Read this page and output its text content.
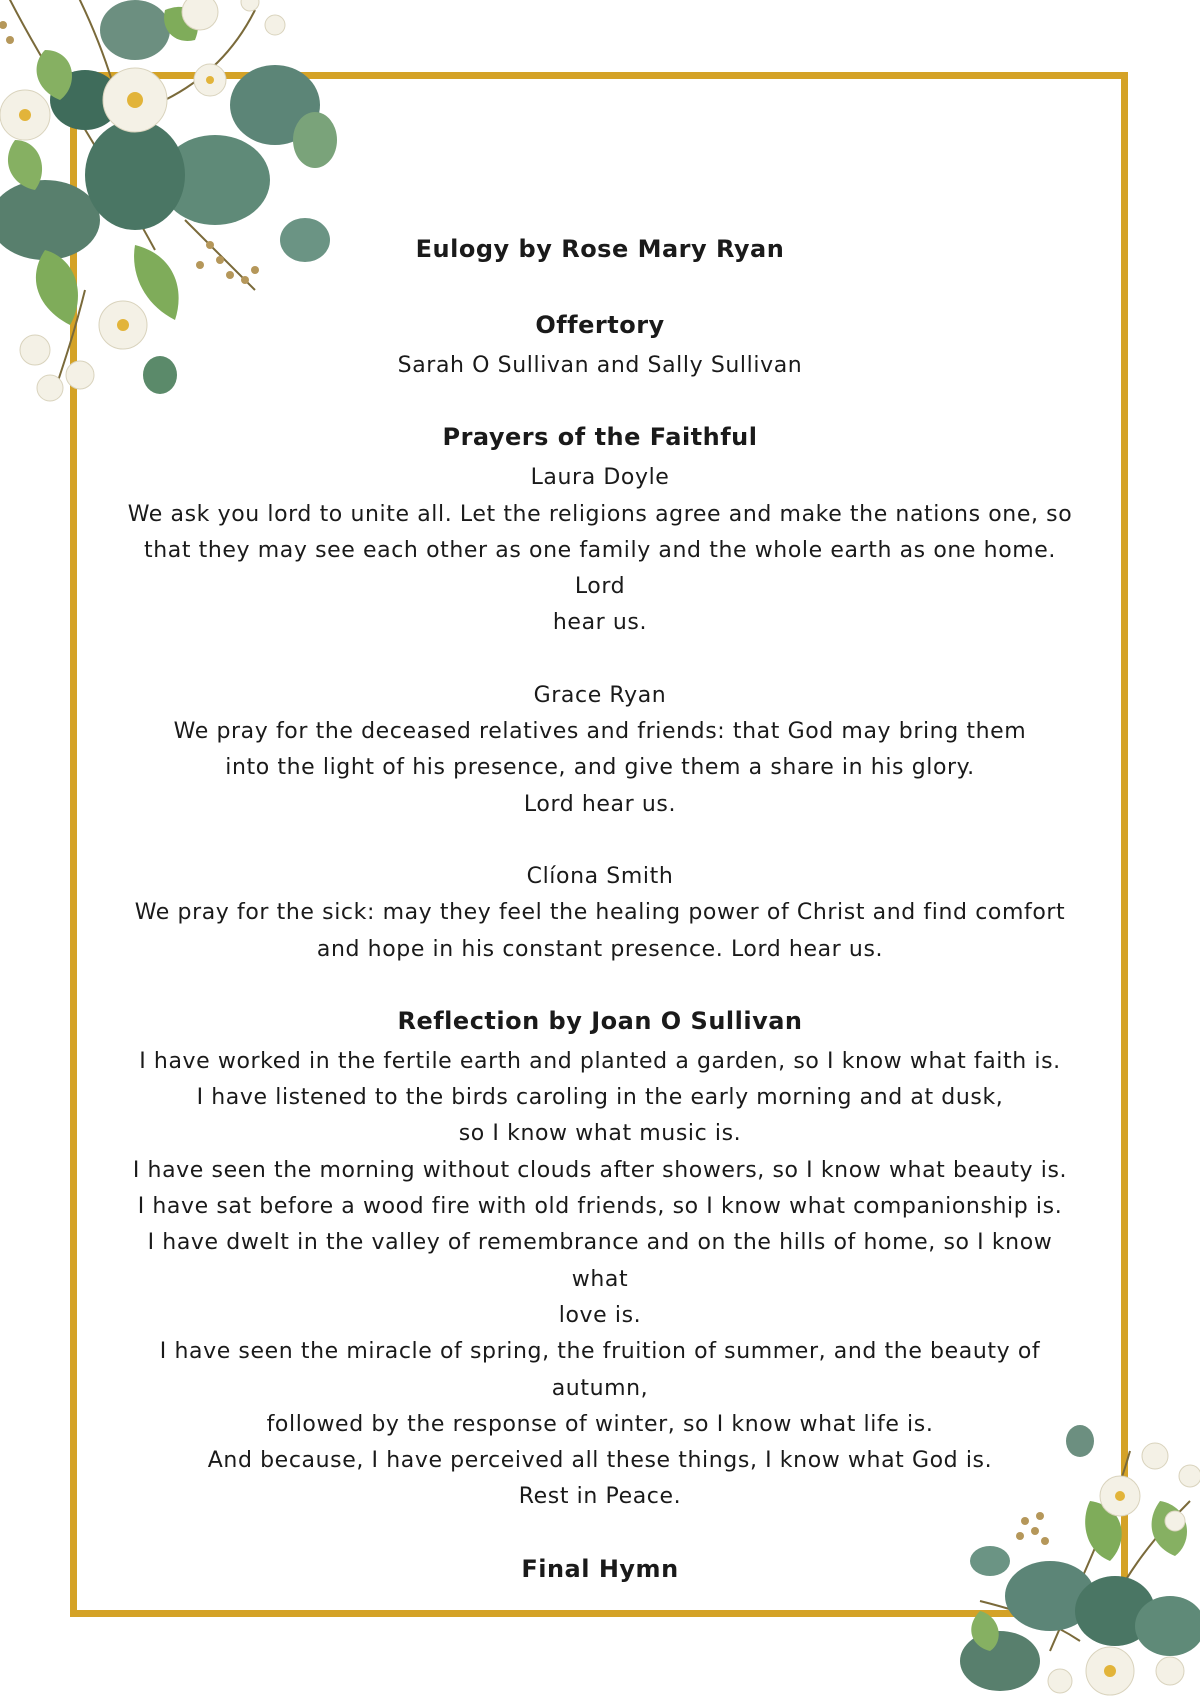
Eulogy by Rose Mary Ryan
Offertory

Sarah O Sullivan and Sally Sullivan

Prayers of the Faithful

Laura Doyle

We ask you lord to unite all. Let the religions agree and make the nations one, so

that they may see each other as one family and the whole earth as one home. Lord

hear us.

Grace Ryan

We pray for the deceased relatives and friends: that God may bring them

into the light of his presence, and give them a share in his glory.

Lord hear us.

Clíona Smith

We pray for the sick: may they feel the healing power of Christ and find comfort

and hope in his constant presence. Lord hear us.

Reflection by Joan O Sullivan

I have worked in the fertile earth and planted a garden, so I know what faith is.

I have listened to the birds caroling in the early morning and at dusk,

so I know what music is.

I have seen the morning without clouds after showers, so I know what beauty is.

I have sat before a wood fire with old friends, so I know what companionship is.

I have dwelt in the valley of remembrance and on the hills of home, so I know what

love is.

I have seen the miracle of spring, the fruition of summer, and the beauty of

autumn,

followed by the response of winter, so I know what life is.

And because, I have perceived all these things, I know what God is.

Rest in Peace.

Final Hymn
